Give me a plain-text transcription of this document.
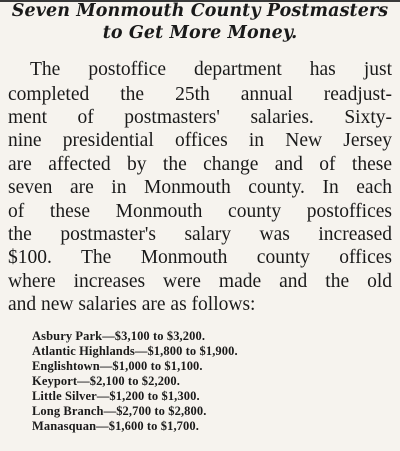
Seven Monmouth County Postmasters
to Get More Money.
The postoffice department has just
completed the 25th annual readjust-
ment of postmasters' salaries. Sixty-
nine presidential offices in New Jersey
are affected by the change and of these
seven are in Monmouth county. In each
of these Monmouth county postoffices
the postmaster's salary was increased
$100. The Monmouth county offices
where increases were made and the old
and new salaries are as follows:
Asbury Park—$3,100 to $3,200.
Atlantic Highlands—$1,800 to $1,900.
Englishtown—$1,000 to $1,100.
Keyport—$2,100 to $2,200.
Little Silver—$1,200 to $1,300.
Long Branch—$2,700 to $2,800.
Manasquan—$1,600 to $1,700.
